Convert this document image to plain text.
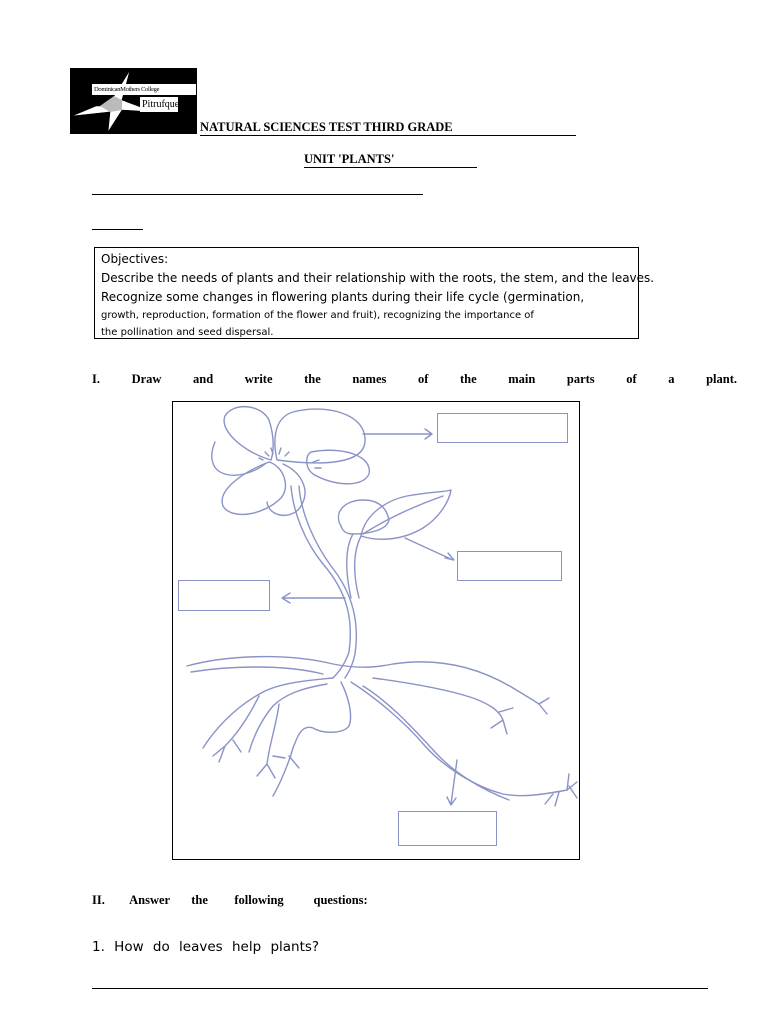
DominicanMothers College
Pitrufque
NATURAL SCIENCES TEST THIRD GRADE
UNIT 'PLANTS'
Objectives:
Describe the needs of plants and their relationship with the roots, the stem, and the leaves.
Recognize some changes in flowering plants during their life cycle (germination,
growth, reproduction, formation of the flower and fruit), recognizing the importance of
the pollination and seed dispersal.
I.	Draw	and	write	the	names	of	the	main	parts	of	a	plant.
II. Answer the following questions:
1. How do leaves help plants?
